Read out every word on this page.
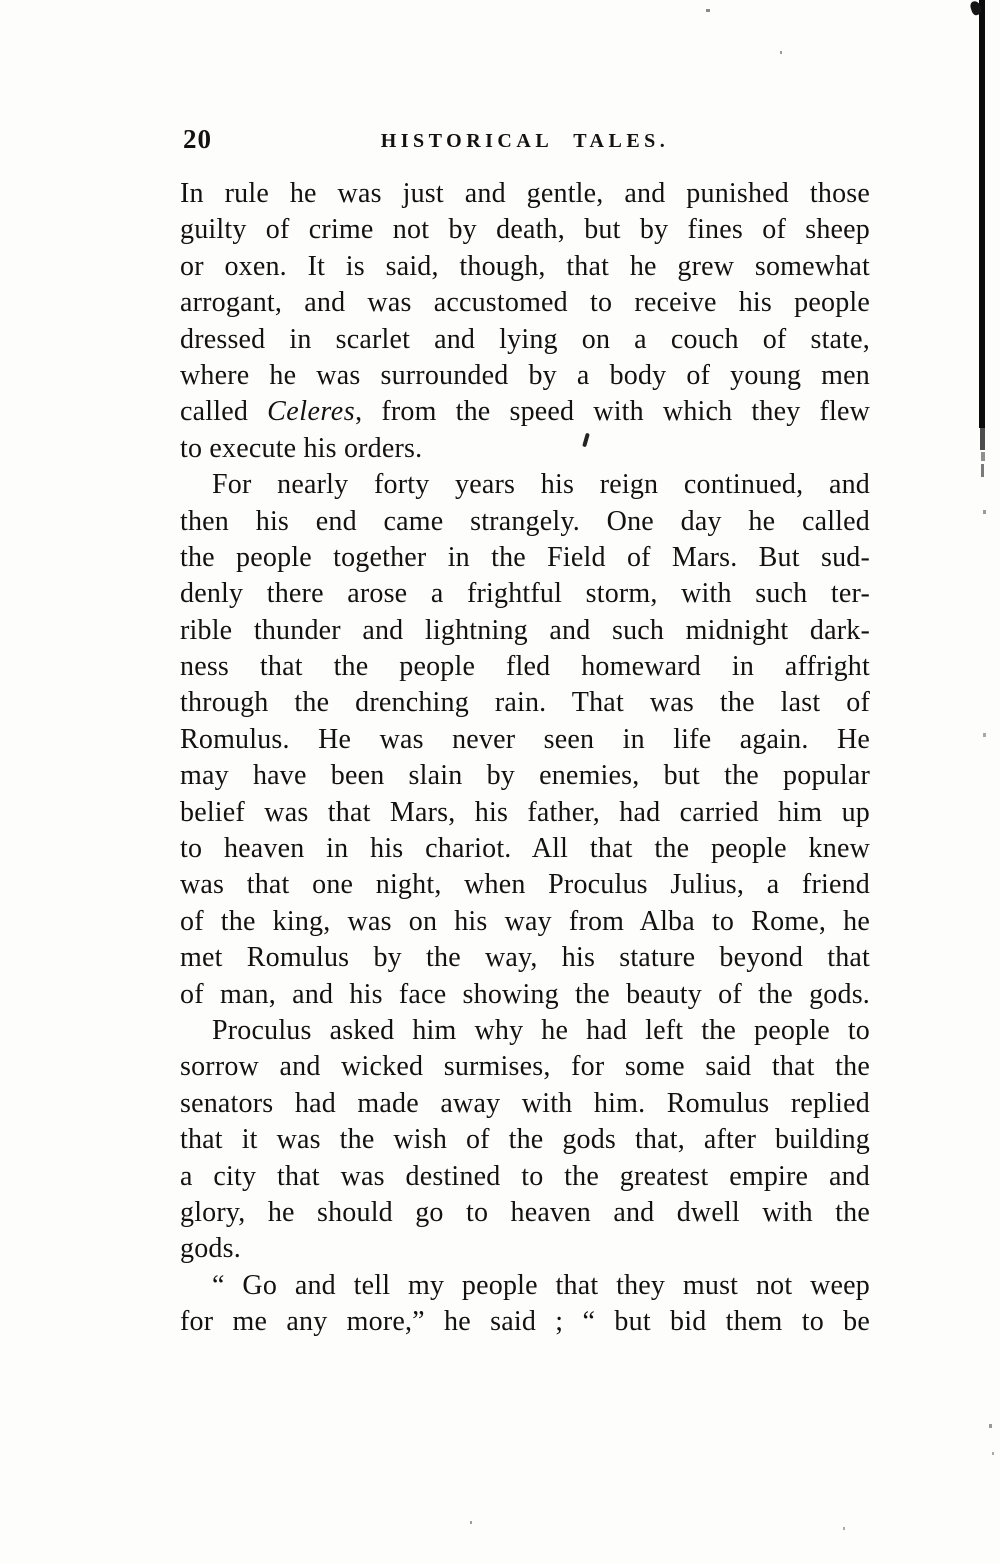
20	HISTORICAL TALES.
In rule he was just and gentle, and punished those
guilty of crime not by death, but by fines of sheep
or oxen. It is said, though, that he grew somewhat
arrogant, and was accustomed to receive his people
dressed in scarlet and lying on a couch of state,
where he was surrounded by a body of young men
called Celeres, from the speed with which they flew
to execute his orders.
For nearly forty years his reign continued, and
then his end came strangely. One day he called
the people together in the Field of Mars. But sud-
denly there arose a frightful storm, with such ter-
rible thunder and lightning and such midnight dark-
ness that the people fled homeward in affright
through the drenching rain. That was the last of
Romulus. He was never seen in life again. He
may have been slain by enemies, but the popular
belief was that Mars, his father, had carried him up
to heaven in his chariot. All that the people knew
was that one night, when Proculus Julius, a friend
of the king, was on his way from Alba to Rome, he
met Romulus by the way, his stature beyond that
of man, and his face showing the beauty of the gods.
Proculus asked him why he had left the people to
sorrow and wicked surmises, for some said that the
senators had made away with him. Romulus replied
that it was the wish of the gods that, after building
a city that was destined to the greatest empire and
glory, he should go to heaven and dwell with the
gods.
“ Go and tell my people that they must not weep
for me any more,” he said ; “ but bid them to be
